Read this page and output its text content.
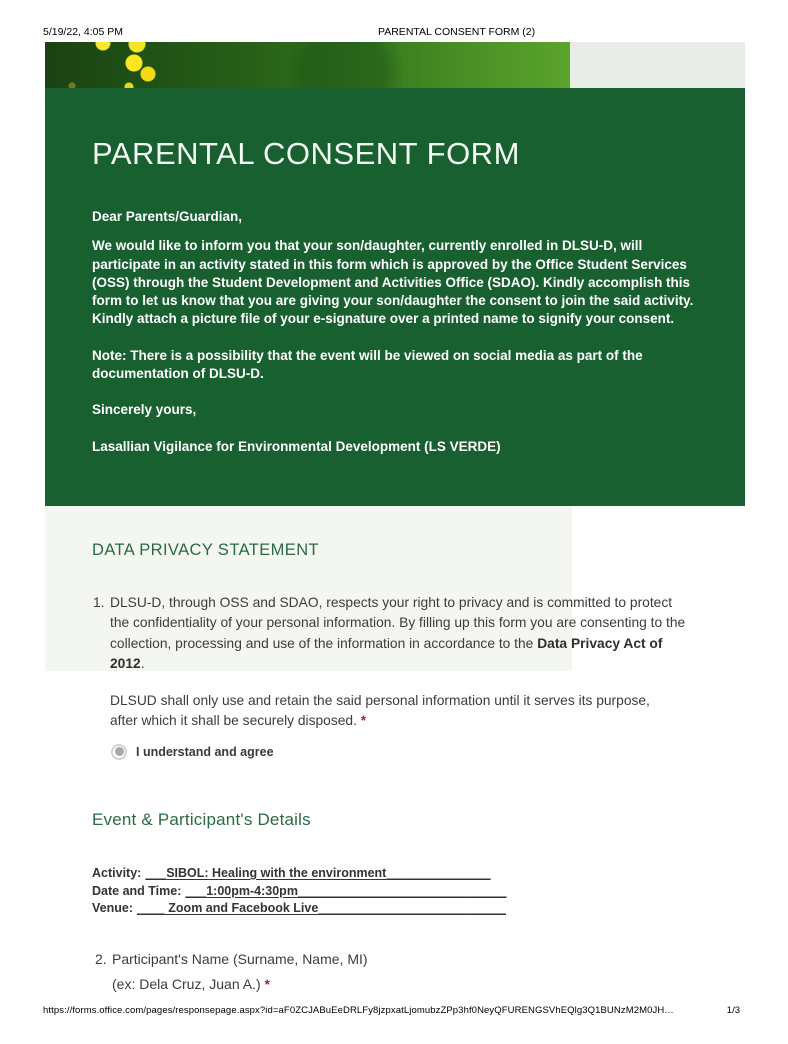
5/19/22, 4:05 PM	PARENTAL CONSENT FORM (2)
PARENTAL CONSENT FORM

Dear Parents/Guardian,

We would like to inform you that your son/daughter, currently enrolled in DLSU-D, will participate in an activity stated in this form which is approved by the Office Student Services (OSS) through the Student Development and Activities Office (SDAO). Kindly accomplish this form to let us know that you are giving your son/daughter the consent to join the said activity. Kindly attach a picture file of your e-signature over a printed name to signify your consent.

Note: There is a possibility that the event will be viewed on social media as part of the documentation of DLSU-D.

Sincerely yours,

Lasallian Vigilance for Environmental Development (LS VERDE)

DATA PRIVACY STATEMENT
1. DLSU-D, through OSS and SDAO, respects your right to privacy and is committed to protect the confidentiality of your personal information. By filling up this form you are consenting to the collection, processing and use of the information in accordance to the Data Privacy Act of 2012.

DLSUD shall only use and retain the said personal information until it serves its purpose, after which it shall be securely disposed. *

I understand and agree
Event & Participant's Details
Activity: ___SIBOL: Healing with the environment_______________
Date and Time: ___1:00pm-4:30pm______________________________
Venue: ____ Zoom and Facebook Live___________________________
2. Participant's Name (Surname, Name, MI)
(ex: Dela Cruz, Juan A.) *
https://forms.office.com/pages/responsepage.aspx?id=aF0ZCJABuEeDRLFy8jzpxatLjomubzZPp3hf0NeyQFURENGSVhEQlg3Q1BUNzM2M0JH…	1/3
